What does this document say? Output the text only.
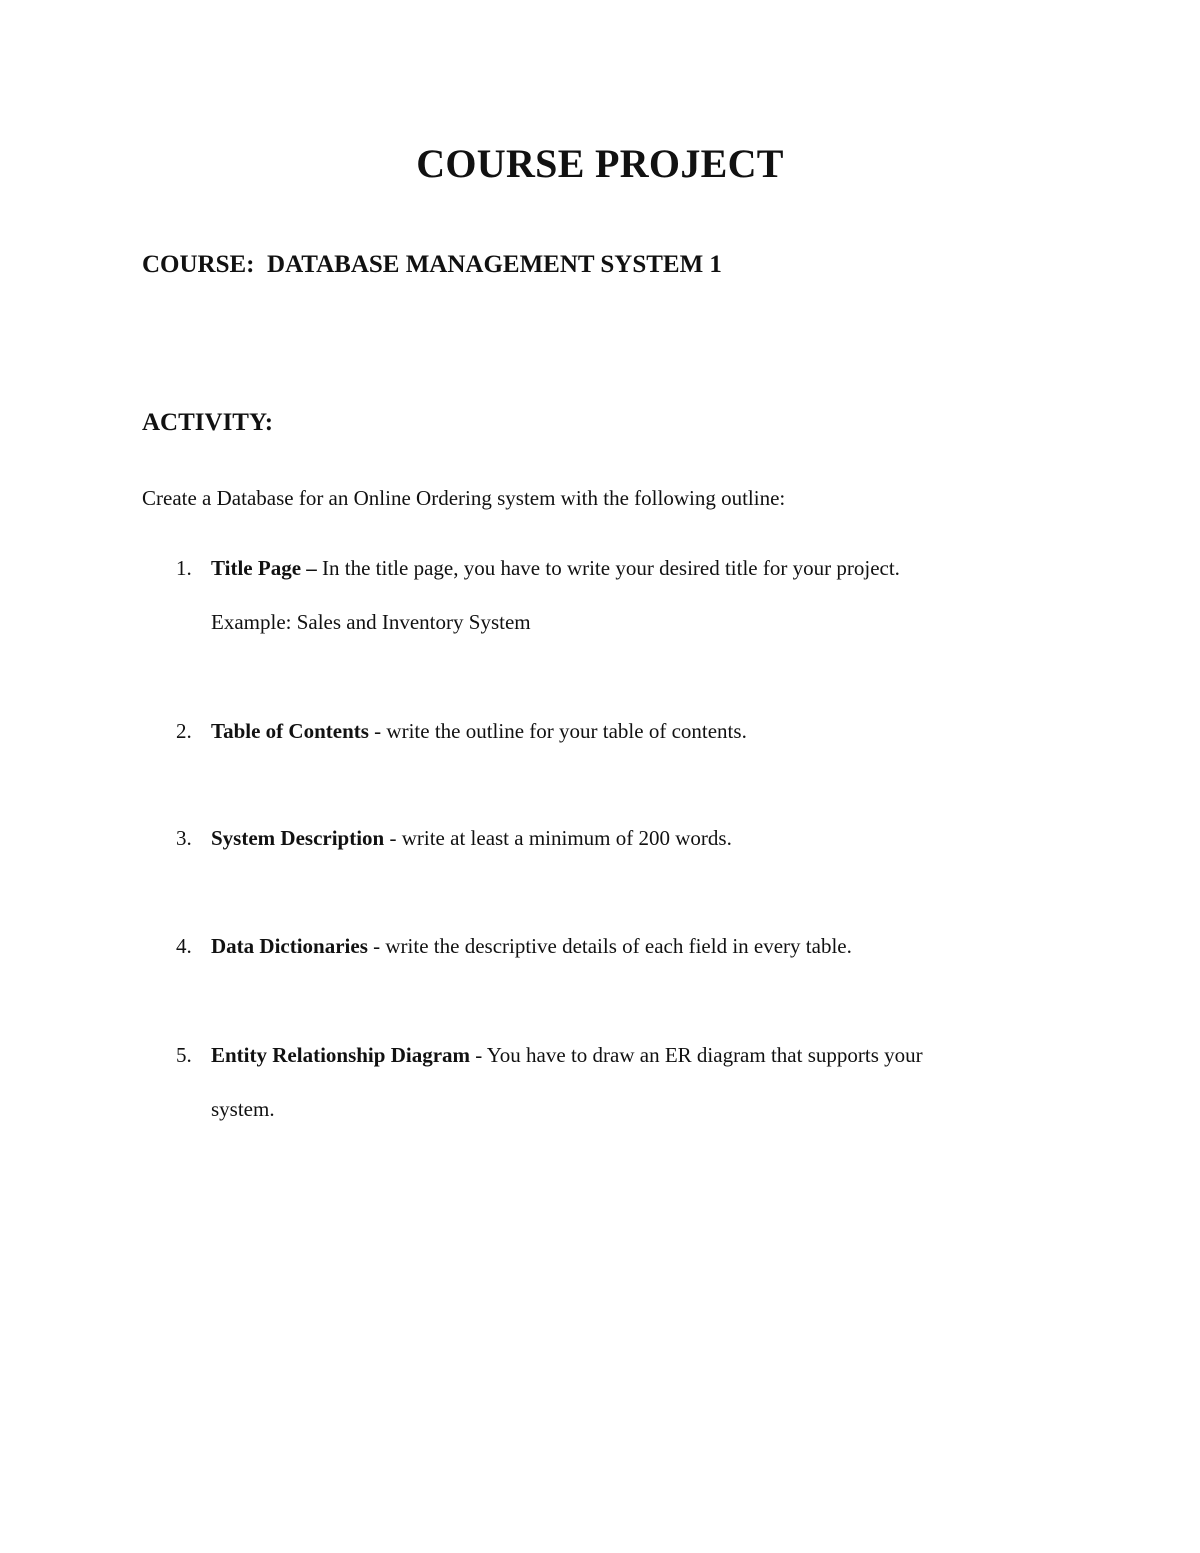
COURSE PROJECT

COURSE: DATABASE MANAGEMENT SYSTEM 1

ACTIVITY:

Create a Database for an Online Ordering system with the following outline:

1. Title Page – In the title page, you have to write your desired title for your project.
Example: Sales and Inventory System
2. Table of Contents - write the outline for your table of contents.
3. System Description - write at least a minimum of 200 words.
4. Data Dictionaries - write the descriptive details of each field in every table.
5. Entity Relationship Diagram - You have to draw an ER diagram that supports your
system.
